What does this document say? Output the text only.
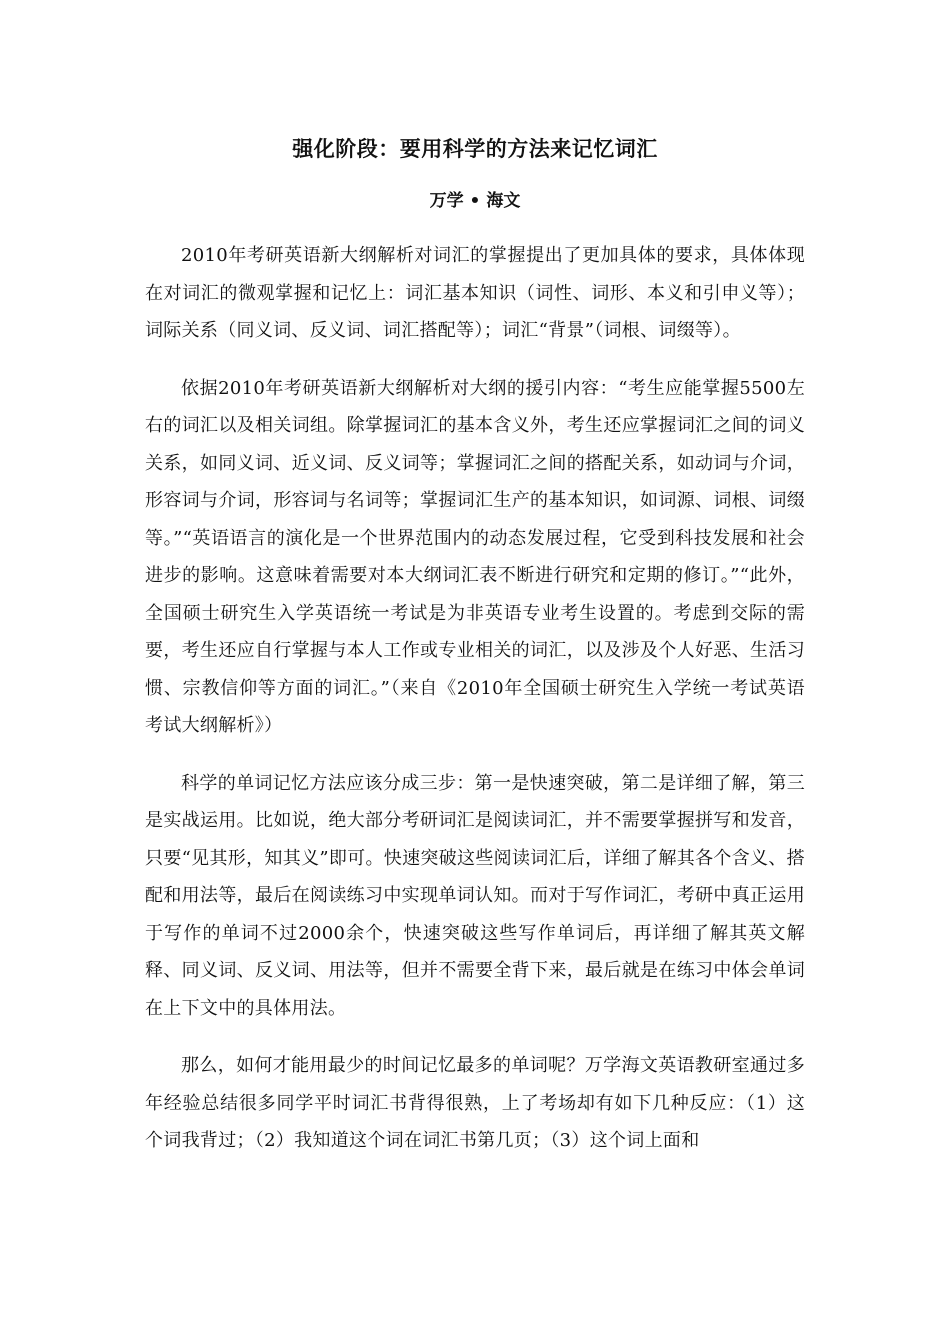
强化阶段：要用科学的方法来记忆词汇
万学 • 海文

2010年考研英语新大纲解析对词汇的掌握提出了更加具体的要求，具体体现在对词汇的微观掌握和记忆上：词汇基本知识（词性、词形、本义和引申义等）；词际关系（同义词、反义词、词汇搭配等）；词汇“背景”（词根、词缀等）。

依据2010年考研英语新大纲解析对大纲的援引内容：“考生应能掌握5500左右的词汇以及相关词组。除掌握词汇的基本含义外，考生还应掌握词汇之间的词义关系，如同义词、近义词、反义词等；掌握词汇之间的搭配关系，如动词与介词，形容词与介词，形容词与名词等；掌握词汇生产的基本知识，如词源、词根、词缀等。”“英语语言的演化是一个世界范围内的动态发展过程，它受到科技发展和社会进步的影响。这意味着需要对本大纲词汇表不断进行研究和定期的修订。”“此外，全国硕士研究生入学英语统一考试是为非英语专业考生设置的。考虑到交际的需要，考生还应自行掌握与本人工作或专业相关的词汇，以及涉及个人好恶、生活习惯、宗教信仰等方面的词汇。”（来自《2010年全国硕士研究生入学统一考试英语考试大纲解析》）

科学的单词记忆方法应该分成三步：第一是快速突破，第二是详细了解，第三是实战运用。比如说，绝大部分考研词汇是阅读词汇，并不需要掌握拼写和发音，只要“见其形，知其义”即可。快速突破这些阅读词汇后，详细了解其各个含义、搭配和用法等，最后在阅读练习中实现单词认知。而对于写作词汇，考研中真正运用于写作的单词不过2000余个，快速突破这些写作单词后，再详细了解其英文解释、同义词、反义词、用法等，但并不需要全背下来，最后就是在练习中体会单词在上下文中的具体用法。

那么，如何才能用最少的时间记忆最多的单词呢？万学海文英语教研室通过多年经验总结很多同学平时词汇书背得很熟，上了考场却有如下几种反应：（1）这个词我背过；（2）我知道这个词在词汇书第几页；（3）这个词上面和
